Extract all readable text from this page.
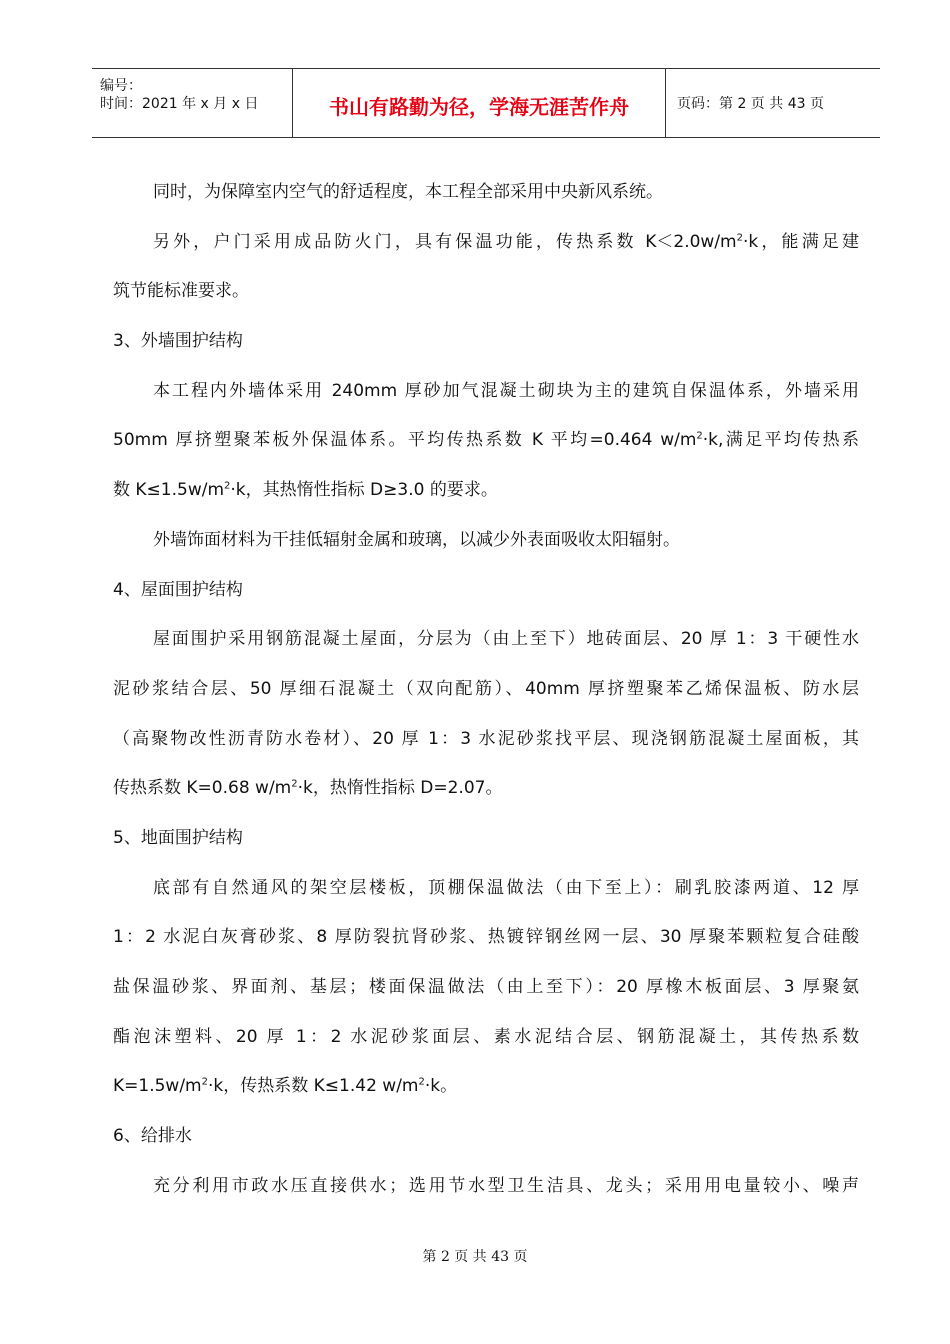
编号：
时间：2021 年 x 月 x 日	书山有路勤为径，学海无涯苦作舟	页码：第 2 页 共 43 页
同时，为保障室内空气的舒适程度，本工程全部采用中央新风系统。
另外，户门采用成品防火门，具有保温功能，传热系数 $K<2.0w/m^2\cdot k$，能满足建
筑节能标准要求。
3、外墙围护结构
本工程内外墙体采用 240mm 厚砂加气混凝土砌块为主的建筑自保温体系，外墙采用
50mm 厚挤塑聚苯板外保温体系。平均传热系数 K 平均=0.464 $w/m^2\cdot k$,满足平均传热系
数 $K\le 1.5w/m^2\cdot k$，其热惰性指标 D≥3.0 的要求。
外墙饰面材料为干挂低辐射金属和玻璃，以减少外表面吸收太阳辐射。
4、屋面围护结构
屋面围护采用钢筋混凝土屋面，分层为（由上至下）地砖面层、20 厚 1：3 干硬性水
泥砂浆结合层、50 厚细石混凝土（双向配筋）、40mm 厚挤塑聚苯乙烯保温板、防水层
（高聚物改性沥青防水卷材）、20 厚 1：3 水泥砂浆找平层、现浇钢筋混凝土屋面板，其
传热系数 K=0.68 $w/m^2\cdot k$，热惰性指标 D=2.07。
5、地面围护结构
底部有自然通风的架空层楼板，顶棚保温做法（由下至上）：刷乳胶漆两道、12 厚
1：2 水泥白灰膏砂浆、8 厚防裂抗肾砂浆、热镀锌钢丝网一层、30 厚聚苯颗粒复合硅酸
盐保温砂浆、界面剂、基层；楼面保温做法（由上至下）：20 厚橡木板面层、3 厚聚氨
酯泡沫塑料、20 厚 1：2 水泥砂浆面层、素水泥结合层、钢筋混凝土，其传热系数
$K=1.5w/m^2\cdot k$，传热系数 K≤1.42 $w/m^2\cdot k$。
6、给排水
充分利用市政水压直接供水；选用节水型卫生洁具、龙头；采用用电量较小、噪声
第 2 页 共 43 页
